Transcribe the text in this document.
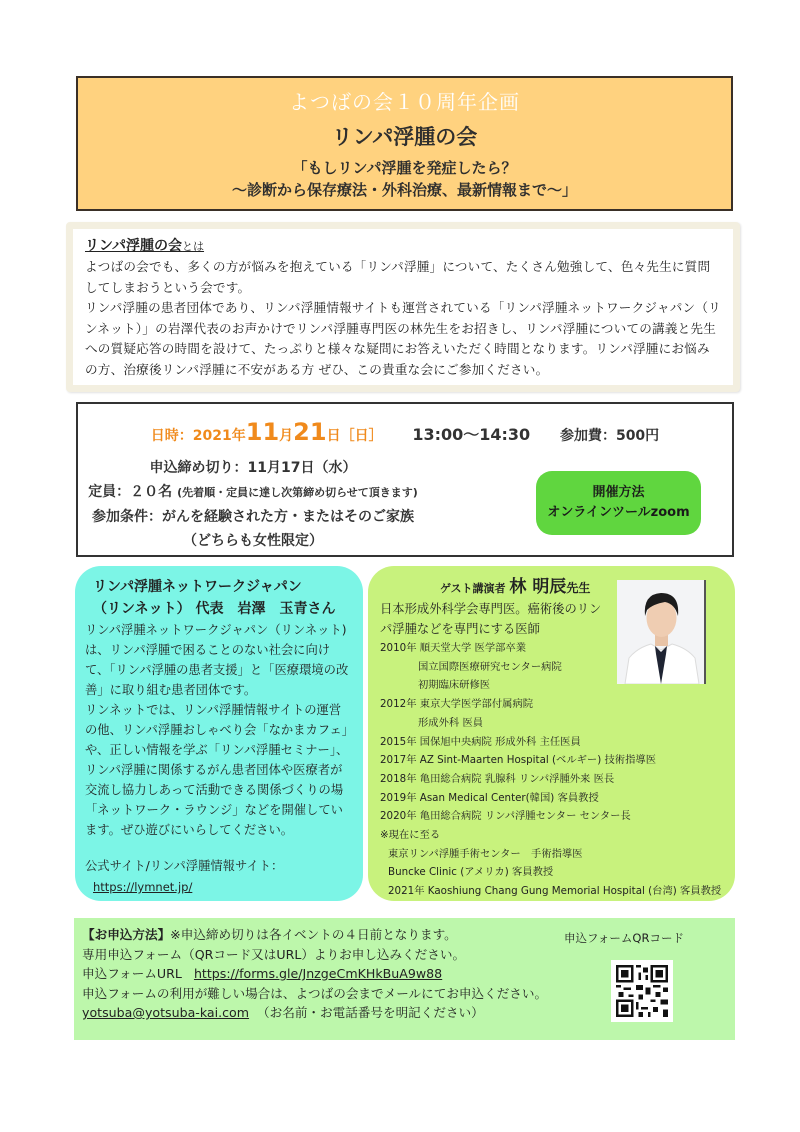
よつばの会１０周年企画
リンパ浮腫の会
「もしリンパ浮腫を発症したら？
〜診断から保存療法・外科治療、最新情報まで〜」
リンパ浮腫の会とは

よつばの会でも、多くの方が悩みを抱えている「リンパ浮腫」について、たくさん勉強して、色々先生に質問してしまおうという会です。

リンパ浮腫の患者団体であり、リンパ浮腫情報サイトも運営されている「リンパ浮腫ネットワークジャパン（リンネット）」の岩澤代表のお声かけでリンパ浮腫専門医の林先生をお招きし、リンパ浮腫についての講義と先生への質疑応答の時間を設けて、たっぷりと様々な疑問にお答えいただく時間となります。リンパ浮腫にお悩みの方、治療後リンパ浮腫に不安がある方 ぜひ、この貴重な会にご参加ください。

日時：2021年11月21日［日］ 13:00〜14:30 参加費：500円
申込締め切り：11月17日（水）
定員：２０名 (先着順・定員に達し次第締め切らせて頂きます)
参加条件：がんを経験された方・またはそのご家族
（どちらも女性限定）
開催方法
オンラインツールzoom
リンパ浮腫ネットワークジャパン
（リンネット） 代表　岩澤　玉青さん

リンパ浮腫ネットワークジャパン（リンネット)は、リンパ浮腫で困ることのない社会に向けて、「リンパ浮腫の患者支援」と「医療環境の改善」に取り組む患者団体です。

リンネットでは、リンパ浮腫情報サイトの運営の他、リンパ浮腫おしゃべり会「なかまカフェ」や、正しい情報を学ぶ「リンパ浮腫セミナー」、リンパ浮腫に関係するがん患者団体や医療者が交流し協力しあって活動できる関係づくりの場「ネットワーク・ラウンジ」などを開催しています。ぜひ遊びにいらしてください。

公式サイト/リンパ浮腫情報サイト：

https://lymnet.jp/
ゲスト講演者 林 明辰先生
日本形成外科学会専門医。癌術後のリンパ浮腫などを専門にする医師
2010年 順天堂大学 医学部卒業
国立国際医療研究センター病院
初期臨床研修医
2012年 東京大学医学部付属病院
形成外科 医員
2015年 国保旭中央病院 形成外科 主任医員
2017年 AZ Sint-Maarten Hospital (ベルギー) 技術指導医
2018年 亀田総合病院 乳腺科 リンパ浮腫外来 医長
2019年 Asan Medical Center(韓国) 客員教授
2020年 亀田総合病院 リンパ浮腫センター センター長
※現在に至る
東京リンパ浮腫手術センター　手術指導医
Buncke Clinic (アメリカ) 客員教授
2021年 Kaoshiung Chang Gung Memorial Hospital (台湾) 客員教授
【お申込方法】※申込締め切りは各イベントの４日前となります。
専用申込フォーム（QRコード又はURL）よりお申し込みください。
申込フォームURL https://forms.gle/JnzgeCmKHkBuA9w88
申込フォームの利用が難しい場合は、よつばの会までメールにてお申込ください。
yotsuba@yotsuba-kai.com （お名前・お電話番号を明記ください）
申込フォームQRコード
